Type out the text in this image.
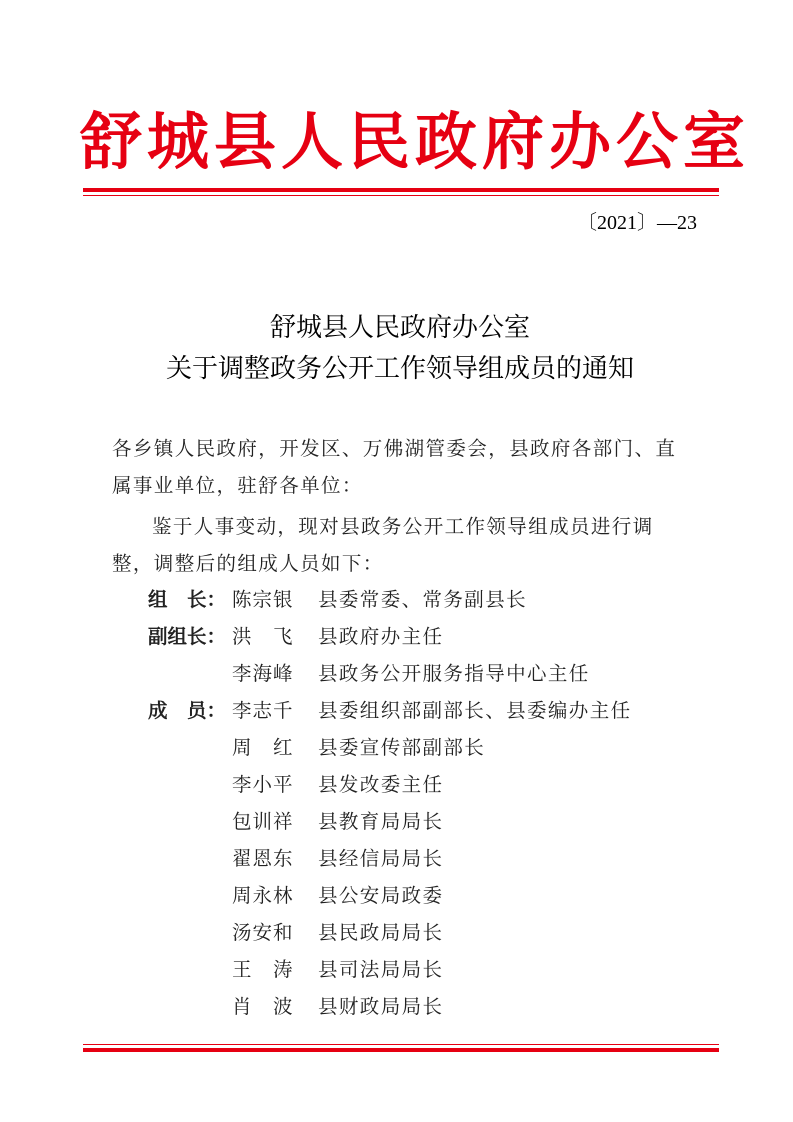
舒城县人民政府办公室
〔2021〕—23
舒城县人民政府办公室
关于调整政务公开工作领导组成员的通知
各乡镇人民政府，开发区、万佛湖管委会，县政府各部门、直属事业单位，驻舒各单位：
鉴于人事变动，现对县政务公开工作领导组成员进行调整，调整后的组成人员如下：
组　长： 陈宗银 县委常委、常务副县长
副组长： 洪　飞 县政府办主任
李海峰 县政务公开服务指导中心主任
成　员： 李志千 县委组织部副部长、县委编办主任
周　红 县委宣传部副部长
李小平 县发改委主任
包训祥 县教育局局长
翟恩东 县经信局局长
周永林 县公安局政委
汤安和 县民政局局长
王　涛 县司法局局长
肖　波 县财政局局长
